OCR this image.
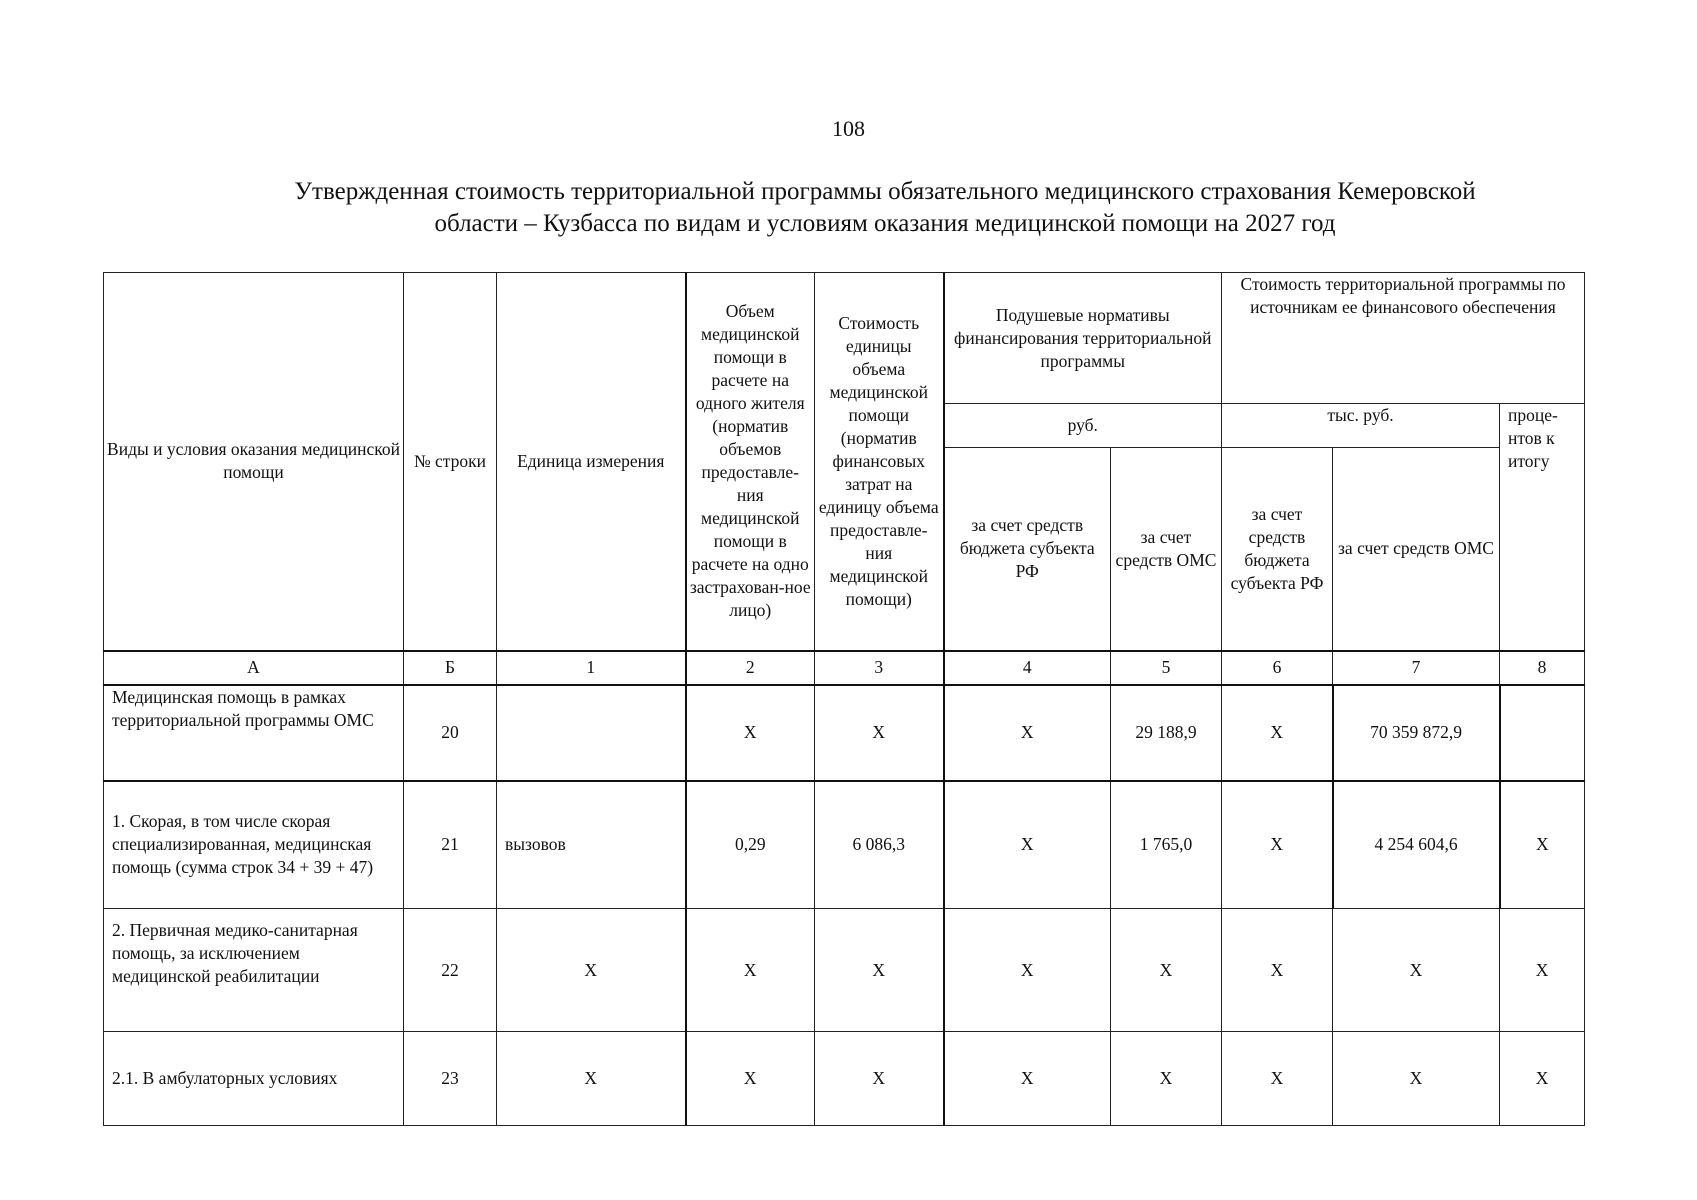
108
Утвержденная стоимость территориальной программы обязательного медицинского страхования Кемеровской
области – Кузбасса по видам и условиям оказания медицинской помощи на 2027 год
Виды и условия оказания медицинской помощи	№ строки	Единица измерения	Объем медицинской помощи в расчете на одного жителя (норматив объемов предоставле-ния медицинской помощи в расчете на одно застрахован-ное лицо)	Стоимость единицы объема медицинской помощи (норматив финансовых затрат на единицу объема предоставле-ния медицинской помощи)	Подушевые нормативы финансирования территориальной программы		Стоимость территориальной программы по источникам ее финансового обеспечения		
					руб.		тыс. руб.		проце-нтов к итогу
					за счет средств бюджета субъекта РФ	за счет средств ОМС	за счет средств бюджета субъекта РФ	за счет средств ОМС	
А	Б	1	2	3	4	5	6	7	8
Медицинская помощь в рамках территориальной программы ОМС	20		Х	Х	Х	29 188,9	Х	70 359 872,9	
1. Скорая, в том числе скорая специализированная, медицинская помощь (сумма строк 34 + 39 + 47)	21	вызовов	0,29	6 086,3	Х	1 765,0	Х	4 254 604,6	Х
2. Первичная медико-санитарная помощь, за исключением медицинской реабилитации	22	Х	Х	Х	Х	Х	Х	Х	Х
2.1. В амбулаторных условиях	23	Х	Х	Х	Х	Х	Х	Х	Х
